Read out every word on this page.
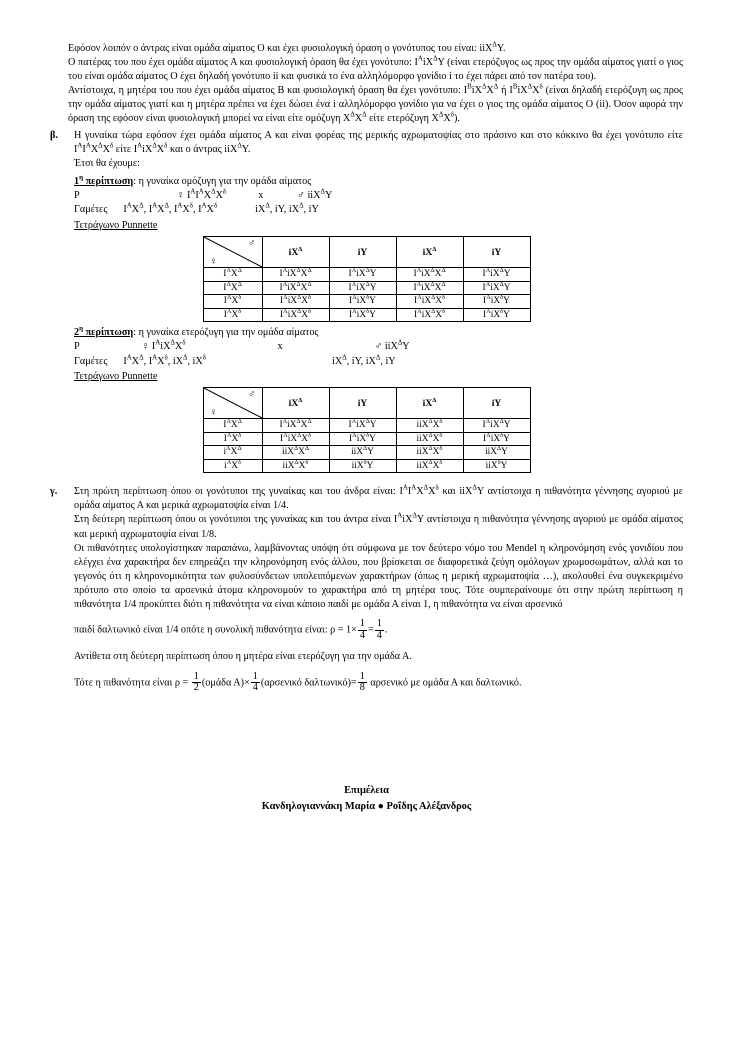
Εφόσον λοιπόν ο άντρας είναι ομάδα αίματος Ο και έχει φυσιολογική όραση ο γονότυπος του είναι: iiX$^\Delta$Υ.

Ο πατέρας του που έχει ομάδα αίματος Α και φυσιολογική όραση θα έχει γονότυπο: $I^AiX^\Delta\Upsilon$ (είναι ετερόζυγος ως προς την ομάδα αίματος γιατί ο γιος του είναι ομάδα αίματος Ο έχει δηλαδή γονότυπο ii και φυσικά το ένα αλληλόμορφο γονίδιο i το έχει πάρει από τον πατέρα του).

Αντίστοιχα, η μητέρα του που έχει ομάδα αίματος Β και φυσιολογική όραση θα έχει γονότυπο: $I^BiX^\Delta X^\Delta$ ή $I^BiX^\Delta X^\delta$ (είναι δηλαδή ετερόζυγη ως προς την ομάδα αίματος γιατί και η μητέρα πρέπει να έχει δώσει ένα i αλληλόμορφο γονίδιο για να έχει ο γιος της ομάδα αίματος Ο (ii). Όσον αφορά την όραση της εφόσον είναι φυσιολογική μπορεί να είναι είτε ομόζυγη $X^\Delta X^\Delta$ είτε ετερόζυγη $X^\Delta X^\delta$).

β.	Η γυναίκα τώρα εφόσον έχει ομάδα αίματος Α και είναι φορέας της μερικής αχρωματοψίας στο πράσινο και στο κόκκινο θα έχει γονότυπο είτε $I^AI^AX^\Delta X^\delta$ είτε $I^AiX^\Delta X^\delta$ και ο άντρας iiX$^\Delta$Υ.

Έτσι θα έχουμε:

$1^\eta$ περίπτωση: η γυναίκα ομόζυγη για την ομάδα αίματος
P			♀ $I^AI^AX^\Delta X^\delta$	x	♂ iiX$^\Delta$Υ
Γαμέτες $I^AX^\Delta$, $I^AX^\Delta$, $I^AX^\delta$, $I^AX^\delta$	$iX^\Delta$, iΥ, $iX^\Delta$, iΥ
Τετράγωνο Punnette
♂
♀	$iX^\Delta$	iY	$iX^\Delta$	iY
$I^AX^\Delta$	$I^AiX^\Delta X^\Delta$	$I^AiX^\Delta\Upsilon$	$I^AiX^\Delta X^\Delta$	$I^AiX^\Delta\Upsilon$
$I^AX^\Delta$	$I^AiX^\Delta X^\Delta$	$I^AiX^\Delta\Upsilon$	$I^AiX^\Delta X^\Delta$	$I^AiX^\Delta\Upsilon$
$I^AX^\delta$	$I^AiX^\Delta X^\delta$	$I^AiX^\delta\Upsilon$	$I^AiX^\Delta X^\delta$	$I^AiX^\delta\Upsilon$
$I^AX^\delta$	$I^AiX^\Delta X^\delta$	$I^AiX^\delta\Upsilon$	$I^AiX^\Delta X^\delta$	$I^AiX^\delta\Upsilon$
$2^\eta$ περίπτωση: η γυναίκα ετερόζυγη για την ομάδα αίματος
P	♀ $I^AiX^\Delta X^\delta$	x	♂ iiX$^\Delta$Υ
Γαμέτες $I^AX^\Delta$, $I^AX^\delta$, $iX^\Delta$, $iX^\delta$	$iX^\Delta$, iΥ, $iX^\Delta$, iΥ
Τετράγωνο Punnette
♂
♀	$iX^\Delta$	iY	$iX^\Delta$	iY
$I^AX^\Delta$	$I^AiX^\Delta X^\Delta$	$I^AiX^\Delta\Upsilon$	$iiX^\Delta X^\delta$	$I^AiX^\Delta\Upsilon$
$I^AX^\delta$	$I^AiX^\Delta X^\delta$	$I^AiX^\delta\Upsilon$	$iiX^\Delta X^\delta$	$I^AiX^\delta\Upsilon$
$i^AX^\Delta$	$iiX^\Delta X^\Delta$	iiX$^\Delta$Υ	$iiX^\Delta X^\delta$	iiX$^\Delta$Υ
$i^AX^\delta$	$iiX^\Delta X^\delta$	iiX$^\delta$Υ	$iiX^\Delta X^\delta$	iiX$^\delta$Υ
γ.	Στη πρώτη περίπτωση όπου οι γονότυποι της γυναίκας και του άνδρα είναι: $I^AI^AX^\Delta X^\delta$ και iiX$^\Delta$Υ αντίστοιχα η πιθανότητα γέννησης αγοριού με ομάδα αίματος Α και μερικά αχρωματοψία είναι 1/4.

Στη δεύτερη περίπτωση όπου οι γονότυποι της γυναίκας και του άντρα είναι $I^AiX^\Delta\Upsilon$ αντίστοιχα η πιθανότητα γέννησης αγοριού με ομάδα αίματος και μερική αχρωματοψία είναι 1/8.

Οι πιθανότητες υπολογίστηκαν παραπάνω, λαμβάνοντας υπόψη ότι σύμφωνα με τον δεύτερο νόμο του Mendel η κληρονόμηση ενός γονιδίου που ελέγχει ένα χαρακτήρα δεν επηρεάζει την κληρονόμηση ενός άλλου, που βρίσκεται σε διαφορετικά ζεύγη ομόλογων χρωμοσωμάτων, αλλά και το γεγονός ότι η κληρονομικότητα των φυλοσύνδετων υπολειπόμενων χαρακτήρων (όπως η μερική αχρωματοψία …), ακολουθεί ένα συγκεκριμένο πρότυπο στο οποίο τα αρσενικά άτομα κληρονομούν το χαρακτήρα από τη μητέρα τους. Τότε συμπεραίνουμε ότι στην πρώτη περίπτωση η πιθανότητα 1/4 προκύπτει διότι η πιθανότητα να είναι κάποιο παιδί με ομάδα Α είναι 1, η πιθανότητα να είναι αρσενικό

παιδί δαλτωνικό είναι 1/4 οπότε η συνολική πιθανότητα είναι: $\rho = 1\times \frac{1}{4} = \frac{1}{4}$ .

Αντίθετα στη δεύτερη περίπτωση όπου η μητέρα είναι ετερόζυγη για την ομάδα Α.

Τότε η πιθανότητα είναι $\rho = \frac{1}{2} (o\mu ά\delta\alpha$ $A)\times \frac{1}{4} (\alpha\rho\sigma\varepsilon\nu\iota\kappa ό$ $\delta\alpha\lambda\tau\omega\nu\iota\kappa ό)= \frac{1}{8}$ αρσενικό με ομάδα Α και δαλτωνικό.
Επιμέλεια
Κανδηλογιαννάκη Μαρία ● Ροΐδης Αλέξανδρος
